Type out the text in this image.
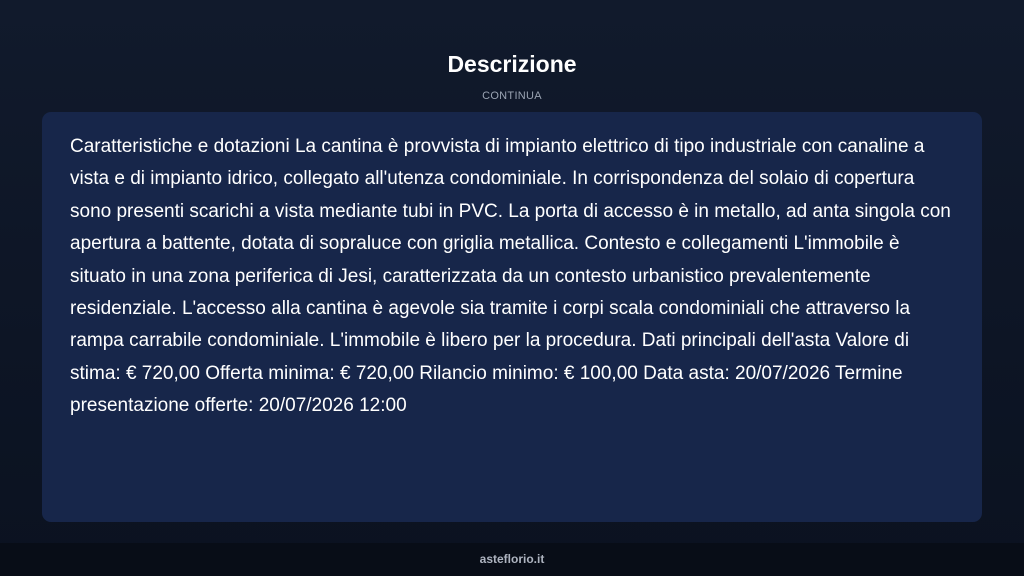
Descrizione
CONTINUA

Caratteristiche e dotazioni La cantina è provvista di impianto elettrico di tipo industriale con canaline a vista e di impianto idrico, collegato all'utenza condominiale. In corrispondenza del solaio di copertura sono presenti scarichi a vista mediante tubi in PVC. La porta di accesso è in metallo, ad anta singola con apertura a battente, dotata di sopraluce con griglia metallica. Contesto e collegamenti L'immobile è situato in una zona periferica di Jesi, caratterizzata da un contesto urbanistico prevalentemente residenziale. L'accesso alla cantina è agevole sia tramite i corpi scala condominiali che attraverso la rampa carrabile condominiale. L'immobile è libero per la procedura. Dati principali dell'asta Valore di stima: € 720,00 Offerta minima: € 720,00 Rilancio minimo: € 100,00 Data asta: 20/07/2026 Termine presentazione offerte: 20/07/2026 12:00

asteflorio.it
